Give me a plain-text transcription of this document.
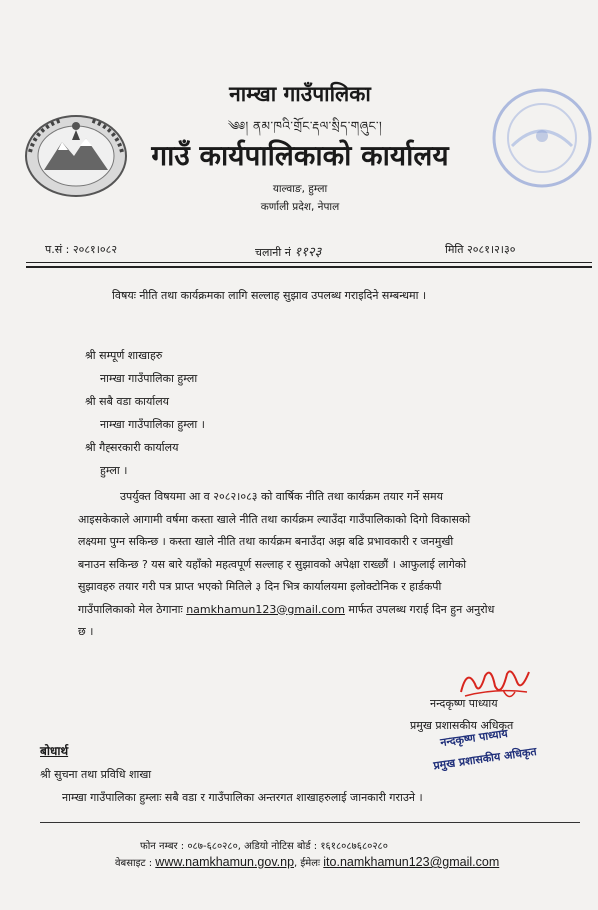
नाम्खा गाउँपालिका
༄༅། ནམ་ཁའི་གྲོང་རྡལ་སྲིད་གཞུང་།
गाउँ कार्यपालिकाको कार्यालय
याल्वाङ, हुम्ला
कर्णाली प्रदेश, नेपाल
प.सं : २०८१।०८२	चलानी नं ११२३	मिति २०८१।२।३०
विषयः नीति तथा कार्यक्रमका लागि सल्लाह सुझाव उपलब्ध गराइदिने सम्बन्धमा ।
श्री सम्पूर्ण शाखाहरु
नाम्खा गाउँपालिका हुम्ला
श्री सबै वडा कार्यालय
नाम्खा गाउँपालिका हुम्ला ।
श्री गैह्सरकारी कार्यालय
हुम्ला ।
उपर्युक्त विषयमा आ व २०८२।०८३ को वार्षिक नीति तथा कार्यक्रम तयार गर्ने समय
आइसकेकाले आगामी वर्षमा कस्ता खाले नीति तथा कार्यक्रम ल्याउँदा गाउँपालिकाको दिगो विकासको
लक्ष्यमा पुग्न सकिन्छ । कस्ता खाले नीति तथा कार्यक्रम बनाउँदा अझ बढि प्रभावकारी र जनमुखी
बनाउन सकिन्छ ? यस बारे यहाँको महत्वपूर्ण सल्लाह र सुझावको अपेक्षा राख्छौं । आफुलाई लागेको
सुझावहरु तयार गरी पत्र प्राप्त भएको मितिले ३ दिन भित्र कार्यालयमा इलोक्टोनिक र हार्डकपी
गाउँपालिकाको मेल ठेगानाः namkhamun123@gmail.com मार्फत उपलब्ध गराई दिन हुन अनुरोध
छ ।
नन्दकृष्ण पाध्याय
प्रमुख प्रशासकीय अधिकृत
नन्दकृष्ण पाध्याय
प्रमुख प्रशासकीय अधिकृत
बोधार्थ
श्री सुचना तथा प्रविधि शाखा
नाम्खा गाउँपालिका हुम्लाः सबै वडा र गाउँपालिका अन्तरगत शाखाहरुलाई जानकारी गराउने ।
फोन नम्बर : ०८७-६८०२८०, अडियो नोटिस बोर्ड : १६१८०८७६८०२८०
वेबसाइट : www.namkhamun.gov.np, ईमेलः ito.namkhamun123@gmail.com
